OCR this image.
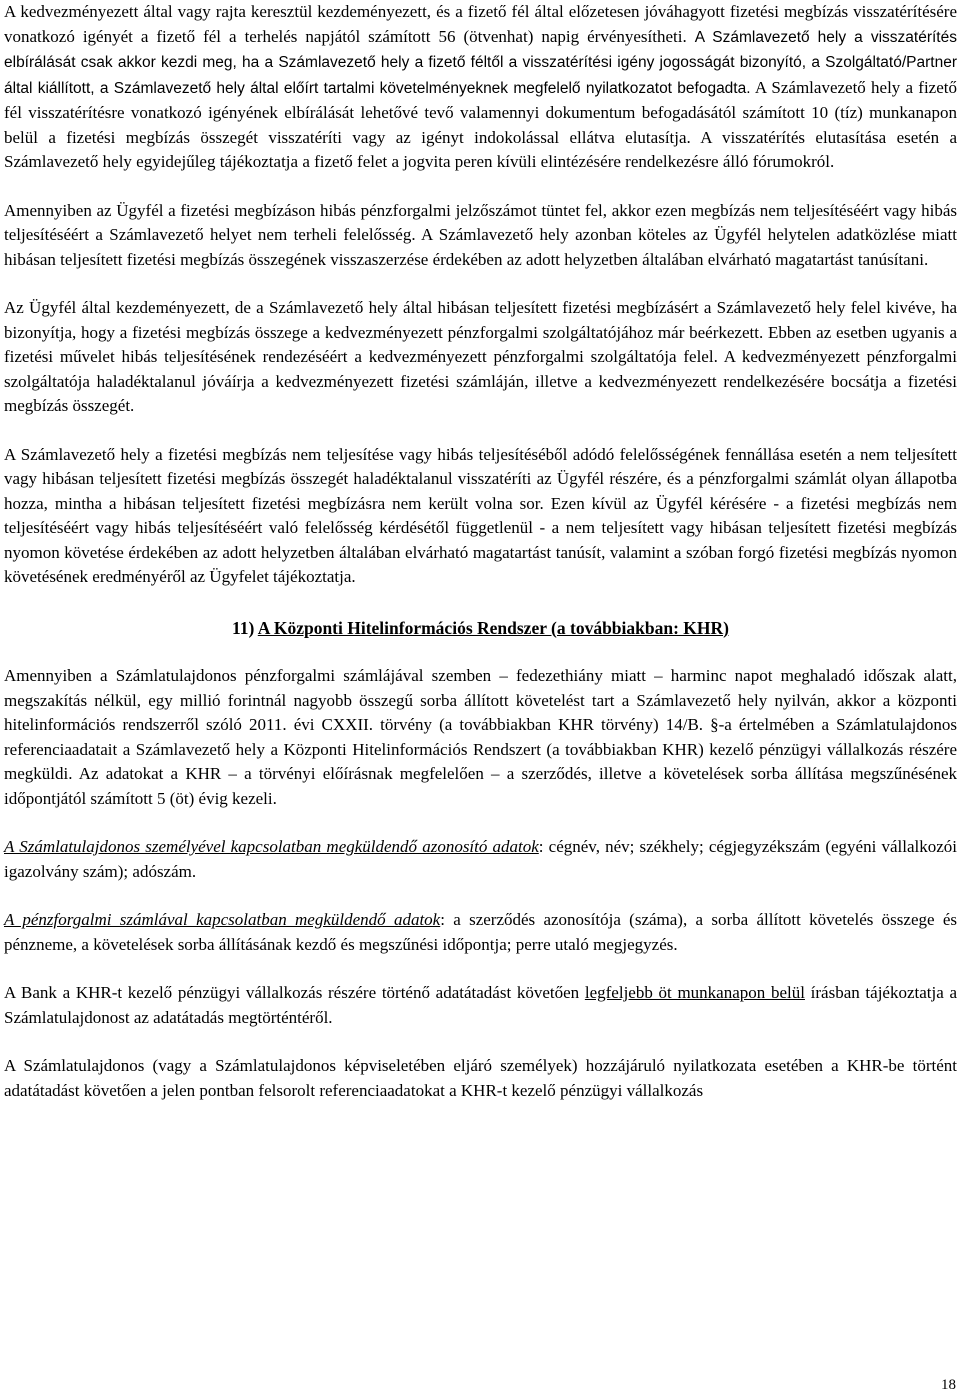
A kedvezményezett által vagy rajta keresztül kezdeményezett, és a fizető fél által előzetesen jóváhagyott fizetési megbízás visszatérítésére vonatkozó igényét a fizető fél a terhelés napjától számított 56 (ötvenhat) napig érvényesítheti. A Számlavezető hely a visszatérítés elbírálását csak akkor kezdi meg, ha a Számlavezető hely a fizető féltől a visszatérítési igény jogosságát bizonyító, a Szolgáltató/Partner által kiállított, a Számlavezető hely által előírt tartalmi követelményeknek megfelelő nyilatkozatot befogadta. A Számlavezető hely a fizető fél visszatérítésre vonatkozó igényének elbírálását lehetővé tevő valamennyi dokumentum befogadásától számított 10 (tíz) munkanapon belül a fizetési megbízás összegét visszatéríti vagy az igényt indokolással ellátva elutasítja. A visszatérítés elutasítása esetén a Számlavezető hely egyidejűleg tájékoztatja a fizető felet a jogvita peren kívüli elintézésére rendelkezésre álló fórumokról.

Amennyiben az Ügyfél a fizetési megbízáson hibás pénzforgalmi jelzőszámot tüntet fel, akkor ezen megbízás nem teljesítéséért vagy hibás teljesítéséért a Számlavezető helyet nem terheli felelősség. A Számlavezető hely azonban köteles az Ügyfél helytelen adatközlése miatt hibásan teljesített fizetési megbízás összegének visszaszerzése érdekében az adott helyzetben általában elvárható magatartást tanúsítani.

Az Ügyfél által kezdeményezett, de a Számlavezető hely által hibásan teljesített fizetési megbízásért a Számlavezető hely felel kivéve, ha bizonyítja, hogy a fizetési megbízás összege a kedvezményezett pénzforgalmi szolgáltatójához már beérkezett. Ebben az esetben ugyanis a fizetési művelet hibás teljesítésének rendezéséért a kedvezményezett pénzforgalmi szolgáltatója felel. A kedvezményezett pénzforgalmi szolgáltatója haladéktalanul jóváírja a kedvezményezett fizetési számláján, illetve a kedvezményezett rendelkezésére bocsátja a fizetési megbízás összegét.

A Számlavezető hely a fizetési megbízás nem teljesítése vagy hibás teljesítéséből adódó felelősségének fennállása esetén a nem teljesített vagy hibásan teljesített fizetési megbízás összegét haladéktalanul visszatéríti az Ügyfél részére, és a pénzforgalmi számlát olyan állapotba hozza, mintha a hibásan teljesített fizetési megbízásra nem került volna sor. Ezen kívül az Ügyfél kérésére - a fizetési megbízás nem teljesítéséért vagy hibás teljesítéséért való felelősség kérdésétől függetlenül - a nem teljesített vagy hibásan teljesített fizetési megbízás nyomon követése érdekében az adott helyzetben általában elvárható magatartást tanúsít, valamint a szóban forgó fizetési megbízás nyomon követésének eredményéről az Ügyfelet tájékoztatja.

11) A Központi Hitelinformációs Rendszer (a továbbiakban: KHR)

Amennyiben a Számlatulajdonos pénzforgalmi számlájával szemben – fedezethiány miatt – harminc napot meghaladó időszak alatt, megszakítás nélkül, egy millió forintnál nagyobb összegű sorba állított követelést tart a Számlavezető hely nyilván, akkor a központi hitelinformációs rendszerről szóló 2011. évi CXXII. törvény (a továbbiakban KHR törvény) 14/B. §-a értelmében a Számlatulajdonos referenciaadatait a Számlavezető hely a Központi Hitelinformációs Rendszert (a továbbiakban KHR) kezelő pénzügyi vállalkozás részére megküldi. Az adatokat a KHR – a törvényi előírásnak megfelelően – a szerződés, illetve a követelések sorba állítása megszűnésének időpontjától számított 5 (öt) évig kezeli.

A Számlatulajdonos személyével kapcsolatban megküldendő azonosító adatok: cégnév, név; székhely; cégjegyzékszám (egyéni vállalkozói igazolvány szám); adószám.

A pénzforgalmi számlával kapcsolatban megküldendő adatok: a szerződés azonosítója (száma), a sorba állított követelés összege és pénzneme, a követelések sorba állításának kezdő és megszűnési időpontja; perre utaló megjegyzés.

A Bank a KHR-t kezelő pénzügyi vállalkozás részére történő adatátadást követően legfeljebb öt munkanapon belül írásban tájékoztatja a Számlatulajdonost az adatátadás megtörténtéről.

A Számlatulajdonos (vagy a Számlatulajdonos képviseletében eljáró személyek) hozzájáruló nyilatkozata esetében a KHR-be történt adatátadást követően a jelen pontban felsorolt referenciaadatokat a KHR-t kezelő pénzügyi vállalkozás

18
